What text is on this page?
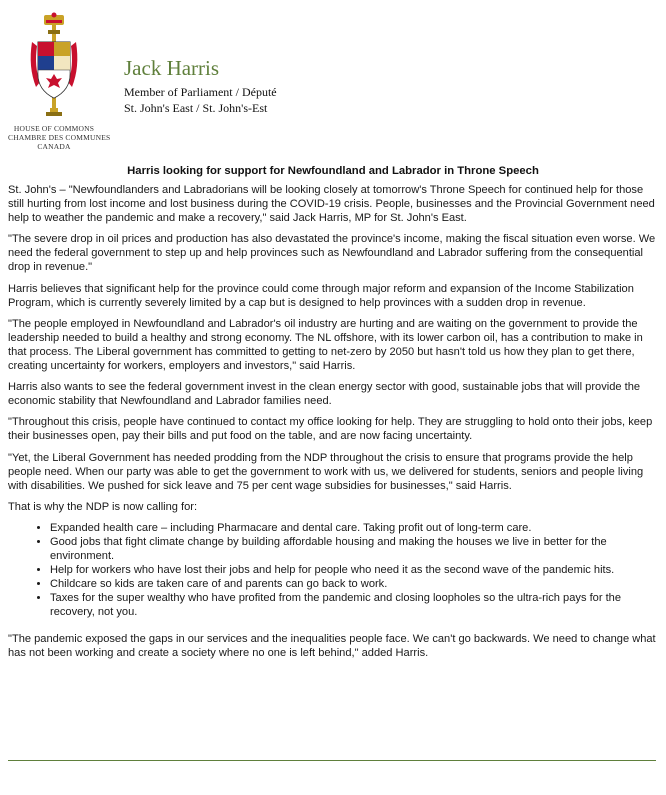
HOUSE OF COMMONS
CHAMBRE DES COMMUNES
CANADA
Jack Harris
Member of Parliament / Député
St. John's East / St. John's-Est
Harris looking for support for Newfoundland and Labrador in Throne Speech

St. John's – "Newfoundlanders and Labradorians will be looking closely at tomorrow's Throne Speech for continued help for those still hurting from lost income and lost business during the COVID-19 crisis. People, businesses and the Provincial Government need help to weather the pandemic and make a recovery," said Jack Harris, MP for St. John's East.

"The severe drop in oil prices and production has also devastated the province's income, making the fiscal situation even worse. We need the federal government to step up and help provinces such as Newfoundland and Labrador suffering from the consequential drop in revenue."

Harris believes that significant help for the province could come through major reform and expansion of the Income Stabilization Program, which is currently severely limited by a cap but is designed to help provinces with a sudden drop in revenue.

"The people employed in Newfoundland and Labrador's oil industry are hurting and are waiting on the government to provide the leadership needed to build a healthy and strong economy. The NL offshore, with its lower carbon oil, has a contribution to make in that process. The Liberal government has committed to getting to net-zero by 2050 but hasn't told us how they plan to get there, creating uncertainty for workers, employers and investors," said Harris.

Harris also wants to see the federal government invest in the clean energy sector with good, sustainable jobs that will provide the economic stability that Newfoundland and Labrador families need.

"Throughout this crisis, people have continued to contact my office looking for help. They are struggling to hold onto their jobs, keep their businesses open, pay their bills and put food on the table, and are now facing uncertainty.

"Yet, the Liberal Government has needed prodding from the NDP throughout the crisis to ensure that programs provide the help people need. When our party was able to get the government to work with us, we delivered for students, seniors and people living with disabilities. We pushed for sick leave and 75 per cent wage subsidies for businesses," said Harris.

That is why the NDP is now calling for:

• Expanded health care – including Pharmacare and dental care. Taking profit out of long-term care.
• Good jobs that fight climate change by building affordable housing and making the houses we live in better for the environment.
• Help for workers who have lost their jobs and help for people who need it as the second wave of the pandemic hits.
• Childcare so kids are taken care of and parents can go back to work.
• Taxes for the super wealthy who have profited from the pandemic and closing loopholes so the ultra-rich pays for the recovery, not you.

"The pandemic exposed the gaps in our services and the inequalities people face. We can't go backwards. We need to change what has not been working and create a society where no one is left behind," added Harris.
